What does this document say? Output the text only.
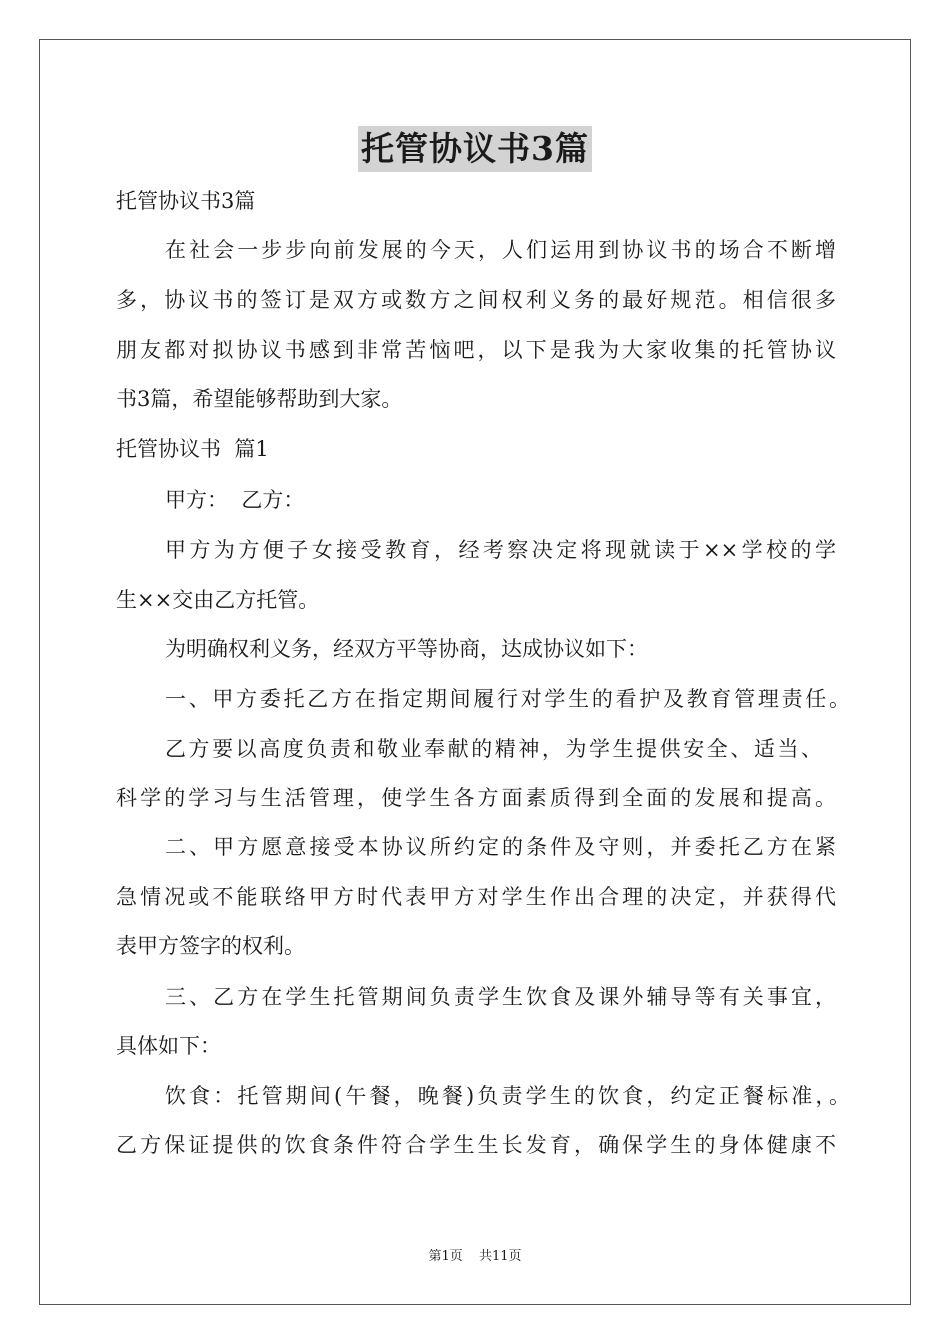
托管协议书3篇
托管协议书3篇
在社会一步步向前发展的今天，人们运用到协议书的场合不断增
多，协议书的签订是双方或数方之间权利义务的最好规范。相信很多
朋友都对拟协议书感到非常苦恼吧，以下是我为大家收集的托管协议
书3篇，希望能够帮助到大家。
托管协议书  篇1
甲方：  乙方：
甲方为方便子女接受教育，经考察决定将现就读于××学校的学
生××交由乙方托管。
为明确权利义务，经双方平等协商，达成协议如下：
一、甲方委托乙方在指定期间履行对学生的看护及教育管理责任。
乙方要以高度负责和敬业奉献的精神，为学生提供安全、适当、
科学的学习与生活管理，使学生各方面素质得到全面的发展和提高。
二、甲方愿意接受本协议所约定的条件及守则，并委托乙方在紧
急情况或不能联络甲方时代表甲方对学生作出合理的决定，并获得代
表甲方签字的权利。
三、乙方在学生托管期间负责学生饮食及课外辅导等有关事宜，
具体如下：
饮食：托管期间(午餐，晚餐)负责学生的饮食，约定正餐标准，。
乙方保证提供的饮食条件符合学生生长发育，确保学生的身体健康不
第1页 共11页
